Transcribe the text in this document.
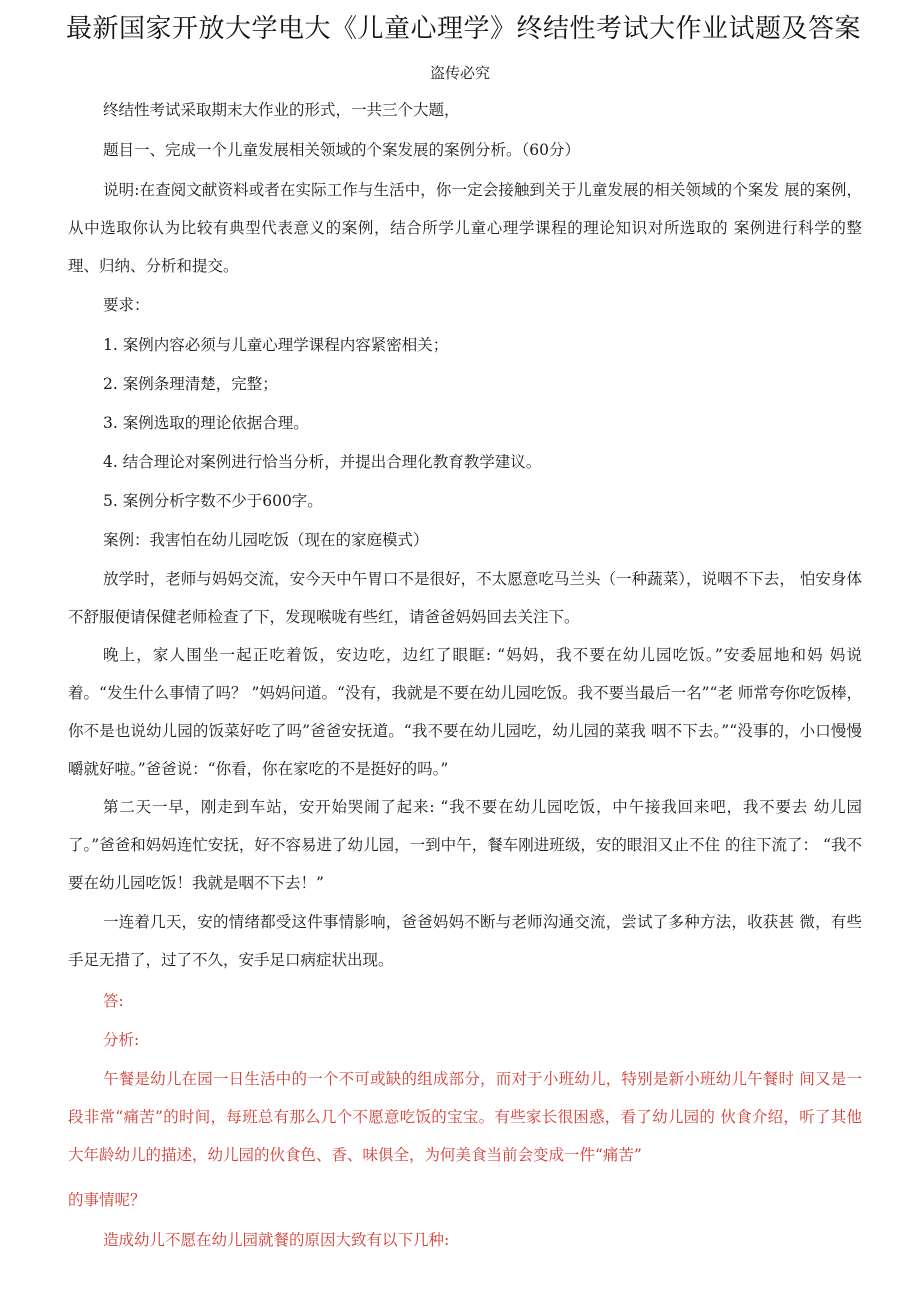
最新国家开放大学电大《儿童心理学》终结性考试大作业试题及答案

盗传必究

终结性考试采取期末大作业的形式，一共三个大题，

题目一、完成一个儿童发展相关领域的个案发展的案例分析。（60分）

说明:在查阅文献资料或者在实际工作与生活中，你一定会接触到关于儿童发展的相关领域的个案发 展的案例，从中选取你认为比较有典型代表意义的案例，结合所学儿童心理学课程的理论知识对所选取的 案例进行科学的整理、归纳、分析和提交。

要求：

1. 案例内容必须与儿童心理学课程内容紧密相关；

2. 案例条理清楚，完整；

3. 案例选取的理论依据合理。

4. 结合理论对案例进行恰当分析，并提出合理化教育教学建议。

5. 案例分析字数不少于600字。

案例：我害怕在幼儿园吃饭（现在的家庭模式）

放学时，老师与妈妈交流，安今天中午胃口不是很好，不太愿意吃马兰头（一种蔬菜），说咽不下去， 怕安身体不舒服便请保健老师检查了下，发现喉咙有些红，请爸爸妈妈回去关注下。

晚上，家人围坐一起正吃着饭，安边吃，边红了眼眶: “妈妈，我不要在幼儿园吃饭。”安委屈地和妈 妈说着。“发生什么事情了吗？ ”妈妈问道。“没有，我就是不要在幼儿园吃饭。我不要当最后一名”“老 师常夸你吃饭棒，你不是也说幼儿园的饭菜好吃了吗”爸爸安抚道。“我不要在幼儿园吃，幼儿园的菜我 咽不下去。”“没事的，小口慢慢嚼就好啦。”爸爸说：“你看，你在家吃的不是挺好的吗。”

第二天一早，刚走到车站，安开始哭闹了起来: “我不要在幼儿园吃饭，中午接我回来吧，我不要去 幼儿园了。”爸爸和妈妈连忙安抚，好不容易进了幼儿园，一到中午，餐车刚进班级，安的眼泪又止不住 的往下流了： “我不要在幼儿园吃饭！我就是咽不下去！”

一连着几天，安的情绪都受这件事情影响，爸爸妈妈不断与老师沟通交流，尝试了多种方法，收获甚 微，有些手足无措了，过了不久，安手足口病症状出现。

答:

分析:

午餐是幼儿在园一日生活中的一个不可或缺的组成部分，而对于小班幼儿，特别是新小班幼儿午餐时 间又是一段非常“痛苦”的时间，每班总有那么几个不愿意吃饭的宝宝。有些家长很困惑，看了幼儿园的 伙食介绍，听了其他大年龄幼儿的描述，幼儿园的伙食色、香、味俱全，为何美食当前会变成一件“痛苦”

的事情呢？

造成幼儿不愿在幼儿园就餐的原因大致有以下几种:
